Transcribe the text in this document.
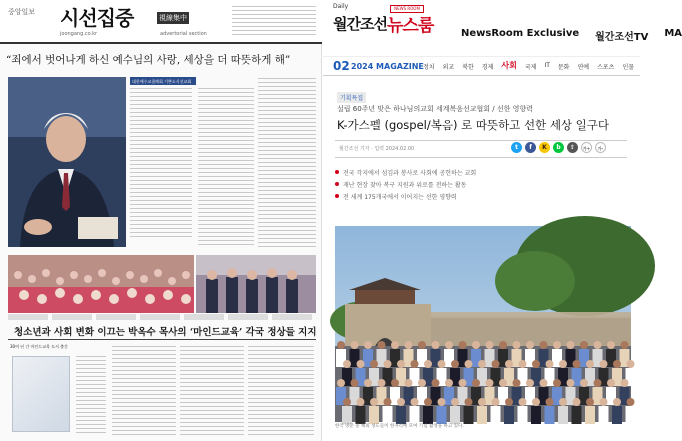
중앙일보 시선집중	視線集中
joongang.co.kr	advertorial section
“죄에서 벗어나게 하신 예수님의 사랑, 세상을 더 따뜻하게 해”
대한예수교침례회 기쁜소식선교회
청소년과 사회 변화 이끄는 박옥수 목사의 ‘마인드교육’ 각국 정상들 지지
30여 년 간 마인드교육 도서 출간
Daily
월간조선
NEWS ROOM
뉴스룸	NewsRoom Exclusive 월간조선TV MA
02 2024 MAGAZINE 정치 외교 북한 경제 사회 국제 IT 문화 연예 스포츠 인물
기획특집
설립 60주년 맞은 하나님의교회 세계복음선교협회 / 선한 영향력
K-가스펠 (gospel/복음) 로 따뜻하고 선한 세상 일구다
월간조선 기자 · 입력 2024.02.00	t	f	K	b	⇪	가+	가-
전국 각지에서 섬김과 봉사로 사회에 공헌하는 교회
재난 현장 찾아 복구 지원과 위로를 전하는 활동
전 세계 175개국에서 이어지는 선한 영향력
한국 방문 중 해외 성도들이 한자리에 모여 기념 촬영을 하고 있다.
